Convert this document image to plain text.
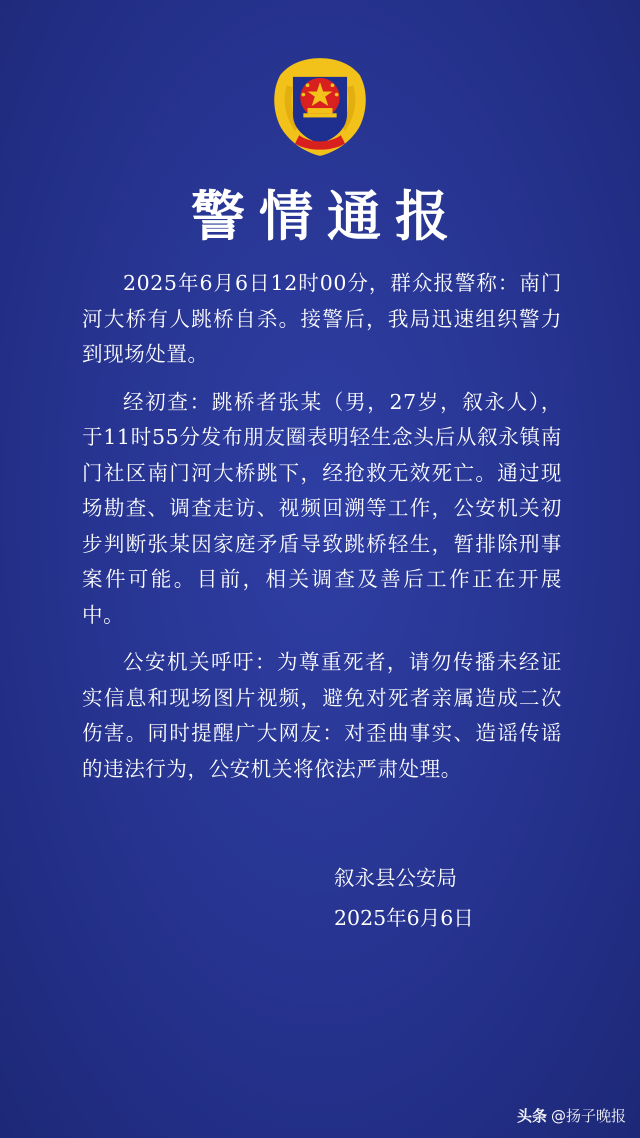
警情通报

2025年6月6日12时00分，群众报警称：南门河大桥有人跳桥自杀。接警后，我局迅速组织警力到现场处置。

经初查：跳桥者张某（男，27岁，叙永人），于11时55分发布朋友圈表明轻生念头后从叙永镇南门社区南门河大桥跳下，经抢救无效死亡。通过现场勘查、调查走访、视频回溯等工作，公安机关初步判断张某因家庭矛盾导致跳桥轻生，暂排除刑事案件可能。目前，相关调查及善后工作正在开展中。

公安机关呼吁：为尊重死者，请勿传播未经证实信息和现场图片视频，避免对死者亲属造成二次伤害。同时提醒广大网友：对歪曲事实、造谣传谣的违法行为，公安机关将依法严肃处理。

叙永县公安局
2025年6月6日
头条 @扬子晚报
